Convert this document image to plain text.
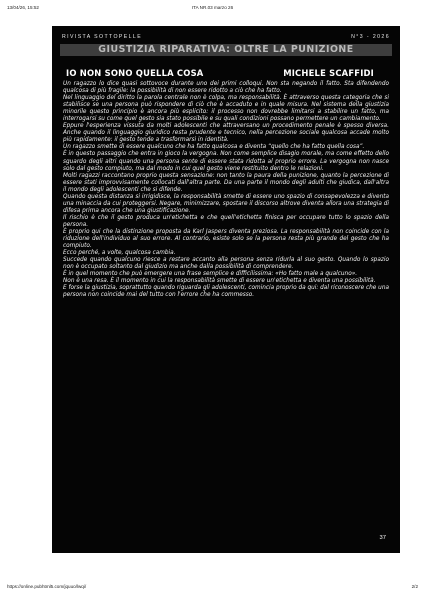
13/04/26, 15:52	ITA NR.03 marzo 26
RIVISTA SOTTOPELLE	N°3 - 2026
GIUSTIZIA RIPARATIVA: OLTRE LA PUNIZIONE
IO NON SONO QUELLA COSA	MICHELE SCAFFIDI

Un ragazzo lo dice quasi sottovoce durante uno dei primi colloqui. Non sta negando il fatto. Sta difendendo qualcosa di più fragile: la possibilità di non essere ridotto a ciò che ha fatto.

Nel linguaggio del diritto la parola centrale non è colpa, ma responsabilità. È attraverso questa categoria che si stabilisce se una persona può rispondere di ciò che è accaduto e in quale misura. Nel sistema della giustizia minorile questo principio è ancora più esplicito: il processo non dovrebbe limitarsi a stabilire un fatto, ma interrogarsi su come quel gesto sia stato possibile e su quali condizioni possano permettere un cambiamento.

Eppure l'esperienza vissuta da molti adolescenti che attraversano un procedimento penale è spesso diversa. Anche quando il linguaggio giuridico resta prudente e tecnico, nella percezione sociale qualcosa accade molto più rapidamente: il gesto tende a trasformarsi in identità.

Un ragazzo smette di essere qualcuno che ha fatto qualcosa e diventa “quello che ha fatto quella cosa”.

È in questo passaggio che entra in gioco la vergogna. Non come semplice disagio morale, ma come effetto dello sguardo degli altri quando una persona sente di essere stata ridotta al proprio errore. La vergogna non nasce solo dal gesto compiuto, ma dal modo in cui quel gesto viene restituito dentro le relazioni.

Molti ragazzi raccontano proprio questa sensazione: non tanto la paura della punizione, quanto la percezione di essere stati improvvisamente collocati dall'altra parte. Da una parte il mondo degli adulti che giudica, dall'altra il mondo degli adolescenti che si difende.

Quando questa distanza si irrigidisce, la responsabilità smette di essere uno spazio di consapevolezza e diventa una minaccia da cui proteggersi. Negare, minimizzare, spostare il discorso altrove diventa allora una strategia di difesa prima ancora che una giustificazione.

Il rischio è che il gesto produca un'etichetta e che quell'etichetta finisca per occupare tutto lo spazio della persona.

È proprio qui che la distinzione proposta da Karl Jaspers diventa preziosa. La responsabilità non coincide con la riduzione dell'individuo al suo errore. Al contrario, esiste solo se la persona resta più grande del gesto che ha compiuto.

Ecco perché, a volte, qualcosa cambia.

Succede quando qualcuno riesce a restare accanto alla persona senza ridurla al suo gesto. Quando lo spazio non è occupato soltanto dal giudizio ma anche dalla possibilità di comprendere.

È in quel momento che può emergere una frase semplice e difficilissima: «Ho fatto male a qualcuno».

Non è una resa. È il momento in cui la responsabilità smette di essere un'etichetta e diventa una possibilità.

E forse la giustizia, soprattutto quando riguarda gli adolescenti, comincia proprio da qui: dal riconoscere che una persona non coincide mai del tutto con l'errore che ha commesso.

37
https://online.pubhtml5.com/jquuo/lwqi/	2/2
